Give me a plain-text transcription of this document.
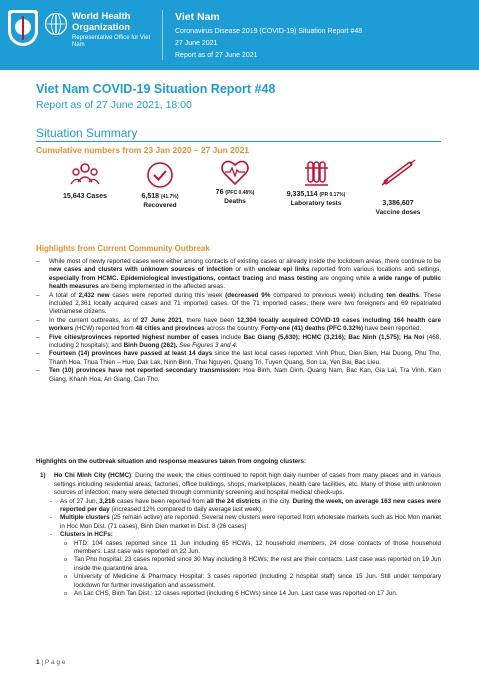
World Health Organization
Representative Office for Viet Nam
Viet Nam
Coronavirus Disease 2019 (COVID-19) Situation Report #48
27 June 2021
Report as of 27 June 2021
Viet Nam COVID-19 Situation Report #48
Report as of 27 June 2021, 18:00
Situation Summary
Cumulative numbers from 23 Jan 2020 – 27 Jun 2021
15,643 Cases	6,518 (41.7%)
Recovered
76 (PFC 0.48%)
Deaths
9,335,114 (PR 0.17%)
Laboratory tests	3,386,607
Vaccine doses
Highlights from Current Community Outbreak
– While most of newly reported cases were either among contacts of existing cases or already inside the lockdown areas, there continue to be new cases and clusters with unknown sources of infection or with unclear epi links reported from various locations and settings, especially from HCMC. Epidemiological investigations, contact tracing and mass testing are ongoing while a wide range of public health measures are being implemented in the affected areas.
– A total of 2,432 new cases were reported during this week (decreased 9% compared to previous week) including ten deaths. These included 2,361 locally acquired cases and 71 imported cases. Of the 71 imported cases, there were two foreigners and 69 repatriated Vietnamese citizens.
– In the current outbreaks, as of 27 June 2021, there have been 12,304 locally acquired COVID-19 cases including 164 health care workers (HCW) reported from 48 cities and provinces across the country. Forty-one (41) deaths (PFC 0.32%) have been reported.
– Five cities/provinces reported highest number of cases include Bac Giang (5,630); HCMC (3,216); Bac Ninh (1,575); Ha Noi (468, including 2 hospitals); and Binh Duong (262). See Figures 3 and 4.
– Fourteen (14) provinces have passed at least 14 days since the last local cases reported: Vinh Phuc, Dien Bien, Hai Duong, Phu Tho, Thanh Hoa, Thua Thien – Hue, Dak Lak, Ninh Binh, Thai Nguyen, Quang Tri, Tuyen Quang, Son La, Yen Bai, Bac Lieu.
– Ten (10) provinces have not reported secondary transmission: Hoa Binh, Nam Dinh, Quang Nam, Bac Kan, Gia Lai, Tra Vinh, Kien Giang, Khanh Hoa, An Giang, Can Tho.
Highlights on the outbreak situation and response measures taken from ongoing clusters:
1) Ho Chi Minh City (HCMC): During the week, the cities continued to report high daily number of cases from many places and in various settings including residential areas, factories, office buildings, shops, marketplaces, health care facilities, etc. Many of those with unknown sources of infection; many were detected through community screening and hospital medical check-ups.
- As of 27 Jun, 3,216 cases have been reported from all the 24 districts in the city. During the week, on average 163 new cases were reported per day (increased 12% compared to daily average last week).
- Multiple clusters (25 remain active) are reported. Several new clusters were reported from wholesale markets such as Hoc Mon market in Hoc Mon Dist. (71 cases), Binh Dien market in Dist. 8 (26 cases)
- Clusters in HCFs:
o HTD: 104 cases reported since 11 Jun including 65 HCWs, 12 household members, 24 close contacts of those household members. Last case was reported on 22 Jun.
o Tan Phu hospital: 23 cases reported since 30 May including 8 HCWs; the rest are their contacts. Last case was reported on 19 Jun inside the quarantine area.
o University of Medicine & Pharmacy Hospital: 3 cases reported (including 2 hospital staff) since 15 Jun. Still under temporary lockdown for further investigation and assessment.
o An Lac CHS, Binh Tan Dist.: 12 cases reported (including 6 HCWs) since 14 Jun. Last case was reported on 17 Jun.
1 | P a g e
